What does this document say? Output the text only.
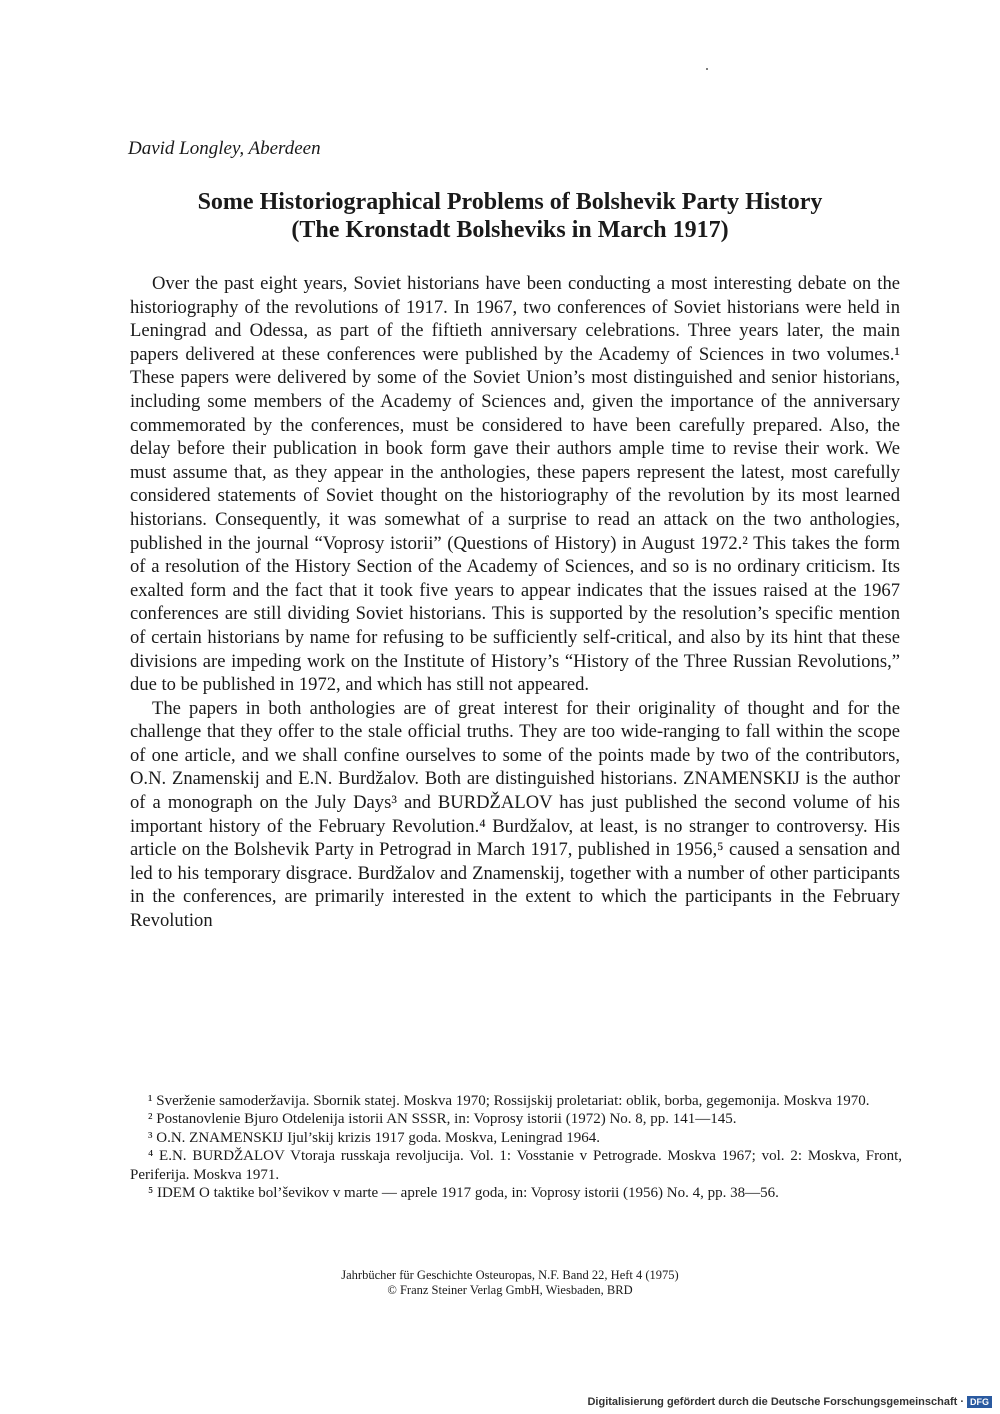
David Longley, Aberdeen
Some Historiographical Problems of Bolshevik Party History
(The Kronstadt Bolsheviks in March 1917)

Over the past eight years, Soviet historians have been conducting a most interesting debate on the historiography of the revolutions of 1917. In 1967, two conferences of Soviet historians were held in Leningrad and Odessa, as part of the fiftieth anniversary celebrations. Three years later, the main papers delivered at these conferences were published by the Academy of Sciences in two volumes.¹ These papers were delivered by some of the Soviet Union’s most distinguished and senior historians, including some members of the Academy of Sciences and, given the importance of the anniversary commemorated by the conferences, must be considered to have been carefully prepared. Also, the delay before their publication in book form gave their authors ample time to revise their work. We must assume that, as they appear in the anthologies, these papers represent the latest, most carefully considered statements of Soviet thought on the historiography of the revolution by its most learned historians. Consequently, it was somewhat of a surprise to read an attack on the two anthologies, published in the journal “Voprosy istorii” (Questions of History) in August 1972.² This takes the form of a resolution of the History Section of the Academy of Sciences, and so is no ordinary criticism. Its exalted form and the fact that it took five years to appear indicates that the issues raised at the 1967 conferences are still dividing Soviet historians. This is supported by the resolution’s specific mention of certain historians by name for refusing to be sufficiently self-critical, and also by its hint that these divisions are impeding work on the Institute of History’s “History of the Three Russian Revolutions,” due to be published in 1972, and which has still not appeared.

The papers in both anthologies are of great interest for their originality of thought and for the challenge that they offer to the stale official truths. They are too wide-ranging to fall within the scope of one article, and we shall confine ourselves to some of the points made by two of the contributors, O.N. Znamenskij and E.N. Burdžalov. Both are distinguished historians. ZNAMENSKIJ is the author of a monograph on the July Days³ and BURDŽALOV has just published the second volume of his important history of the February Revolution.⁴ Burdžalov, at least, is no stranger to controversy. His article on the Bolshevik Party in Petrograd in March 1917, published in 1956,⁵ caused a sensation and led to his temporary disgrace. Burdžalov and Znamenskij, together with a number of other participants in the conferences, are primarily interested in the extent to which the participants in the February Revolution

¹ Sverženie samoderžavija. Sbornik statej. Moskva 1970; Rossijskij proletariat: oblik, borba, gegemonija. Moskva 1970.

² Postanovlenie Bjuro Otdelenija istorii AN SSSR, in: Voprosy istorii (1972) No. 8, pp. 141—145.

³ O.N. ZNAMENSKIJ Ijul’skij krizis 1917 goda. Moskva, Leningrad 1964.

⁴ E.N. BURDŽALOV Vtoraja russkaja revoljucija. Vol. 1: Vosstanie v Petrograde. Moskva 1967; vol. 2: Moskva, Front, Periferija. Moskva 1971.

⁵ IDEM O taktike bol’ševikov v marte — aprele 1917 goda, in: Voprosy istorii (1956) No. 4, pp. 38—56.

Jahrbücher für Geschichte Osteuropas, N.F. Band 22, Heft 4 (1975)
© Franz Steiner Verlag GmbH, Wiesbaden, BRD
Digitalisierung gefördert durch die Deutsche Forschungsgemeinschaft · DFG
